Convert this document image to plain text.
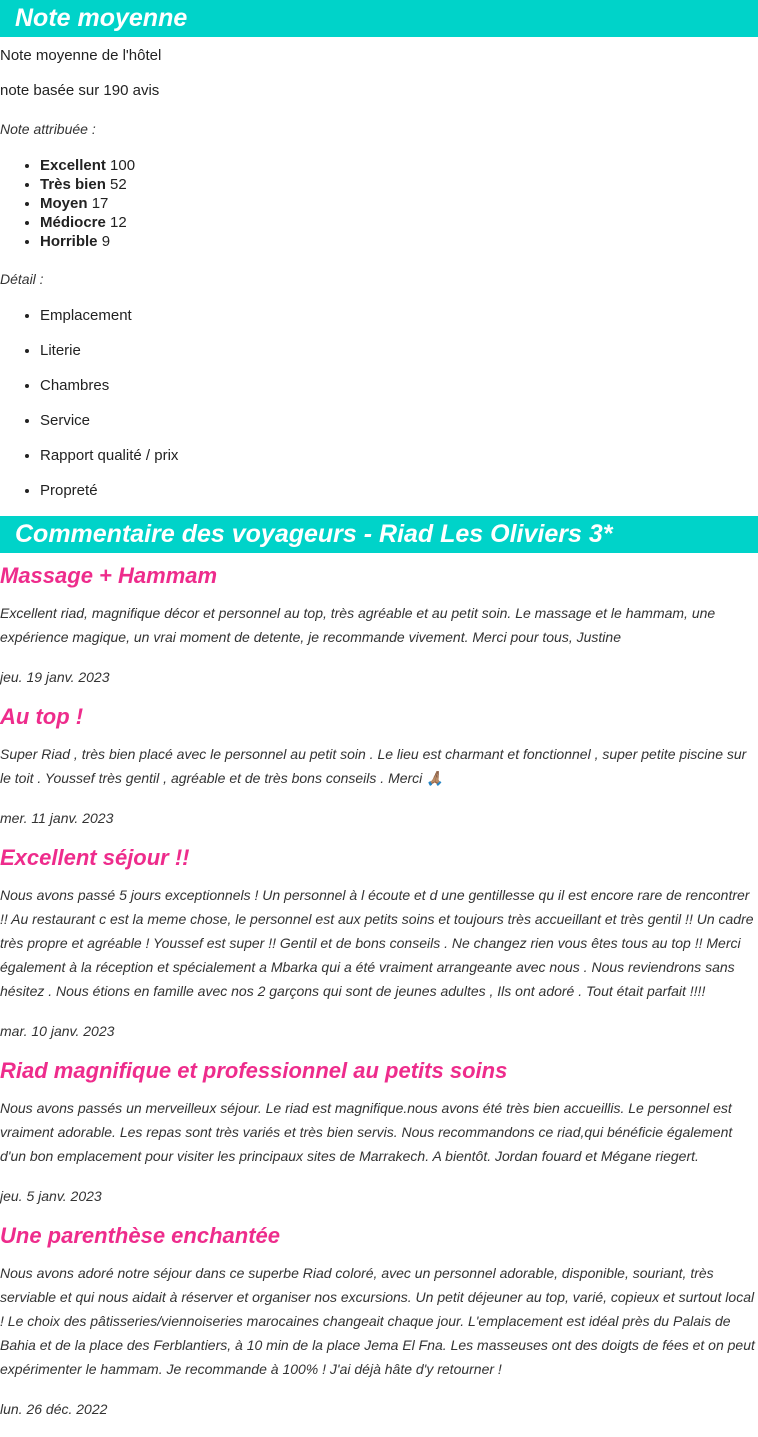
Note moyenne

Note moyenne de l'hôtel

note basée sur 190 avis

Note attribuée :

• Excellent 100
• Très bien 52
• Moyen 17
• Médiocre 12
• Horrible 9

Détail :

• Emplacement
• Literie
• Chambres
• Service
• Rapport qualité / prix
• Propreté
Commentaire des voyageurs - Riad Les Oliviers 3*
Massage + Hammam

Excellent riad, magnifique décor et personnel au top, très agréable et au petit soin. Le massage et le hammam, une expérience magique, un vrai moment de detente, je recommande vivement. Merci pour tous, Justine

jeu. 19 janv. 2023

Au top !

Super Riad , très bien placé avec le personnel au petit soin . Le lieu est charmant et fonctionnel , super petite piscine sur le toit . Youssef très gentil , agréable et de très bons conseils . Merci 🙏🏽

mer. 11 janv. 2023

Excellent séjour !!

Nous avons passé 5 jours exceptionnels ! Un personnel à l écoute et d une gentillesse qu il est encore rare de rencontrer !! Au restaurant c est la meme chose, le personnel est aux petits soins et toujours très accueillant et très gentil !! Un cadre très propre et agréable ! Youssef est super !! Gentil et de bons conseils . Ne changez rien vous êtes tous au top !! Merci également à la réception et spécialement a Mbarka qui a été vraiment arrangeante avec nous . Nous reviendrons sans hésitez . Nous étions en famille avec nos 2 garçons qui sont de jeunes adultes , Ils ont adoré . Tout était parfait !!!!

mar. 10 janv. 2023

Riad magnifique et professionnel au petits soins

Nous avons passés un merveilleux séjour. Le riad est magnifique.nous avons été très bien accueillis. Le personnel est vraiment adorable. Les repas sont très variés et très bien servis. Nous recommandons ce riad,qui bénéficie également d'un bon emplacement pour visiter les principaux sites de Marrakech. A bientôt. Jordan fouard et Mégane riegert.

jeu. 5 janv. 2023

Une parenthèse enchantée

Nous avons adoré notre séjour dans ce superbe Riad coloré, avec un personnel adorable, disponible, souriant, très serviable et qui nous aidait à réserver et organiser nos excursions. Un petit déjeuner au top, varié, copieux et surtout local ! Le choix des pâtisseries/viennoiseries marocaines changeait chaque jour. L'emplacement est idéal près du Palais de Bahia et de la place des Ferblantiers, à 10 min de la place Jema El Fna. Les masseuses ont des doigts de fées et on peut expérimenter le hammam. Je recommande à 100% ! J'ai déjà hâte d'y retourner !

lun. 26 déc. 2022
